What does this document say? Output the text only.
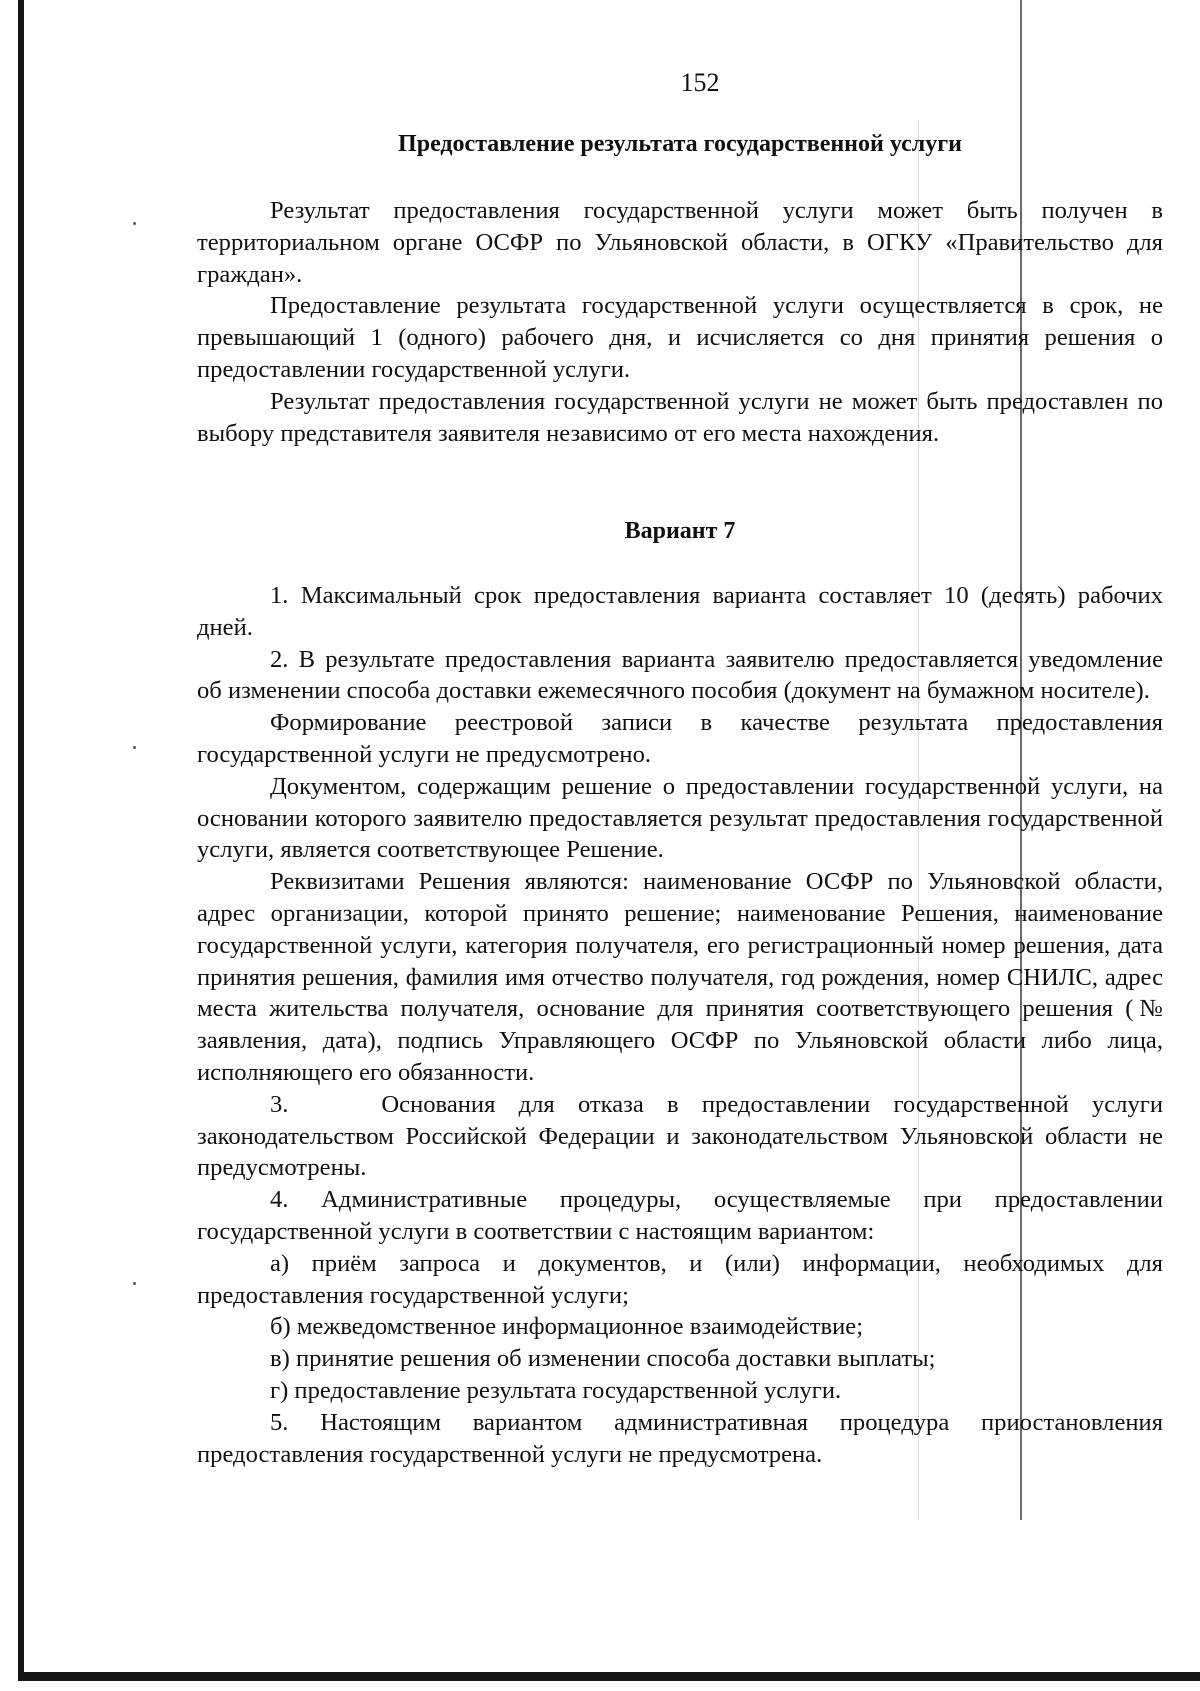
152
Предоставление результата государственной услуги

Результат предоставления государственной услуги может быть получен в территориальном органе ОСФР по Ульяновской области, в ОГКУ «Правительство для граждан».

Предоставление результата государственной услуги осуществляется в срок, не превышающий 1 (одного) рабочего дня, и исчисляется со дня принятия решения о предоставлении государственной услуги.

Результат предоставления государственной услуги не может быть предоставлен по выбору представителя заявителя независимо от его места нахождения.

Вариант 7

1. Максимальный срок предоставления варианта составляет 10 (десять) рабочих дней.

2. В результате предоставления варианта заявителю предоставляется уведомление об изменении способа доставки ежемесячного пособия (документ на бумажном носителе).

Формирование реестровой записи в качестве результата предоставления государственной услуги не предусмотрено.

Документом, содержащим решение о предоставлении государственной услуги, на основании которого заявителю предоставляется результат предоставления государственной услуги, является соответствующее Решение.

Реквизитами Решения являются: наименование ОСФР по Ульяновской области, адрес организации, которой принято решение; наименование Решения, наименование государственной услуги, категория получателя, его регистрационный номер решения, дата принятия решения, фамилия имя отчество получателя, год рождения, номер СНИЛС, адрес места жительства получателя, основание для принятия соответствующего решения (№ заявления, дата), подпись Управляющего ОСФР по Ульяновской области либо лица, исполняющего его обязанности.

3.    Основания для отказа в предоставлении государственной услуги законодательством Российской Федерации и законодательством Ульяновской области не предусмотрены.

4. Административные процедуры, осуществляемые при предоставлении государственной услуги в соответствии с настоящим вариантом:

а) приём запроса и документов, и (или) информации, необходимых для предоставления государственной услуги;

б) межведомственное информационное взаимодействие;

в) принятие решения об изменении способа доставки выплаты;

г) предоставление результата государственной услуги.

5. Настоящим вариантом административная процедура приостановления предоставления государственной услуги не предусмотрена.
